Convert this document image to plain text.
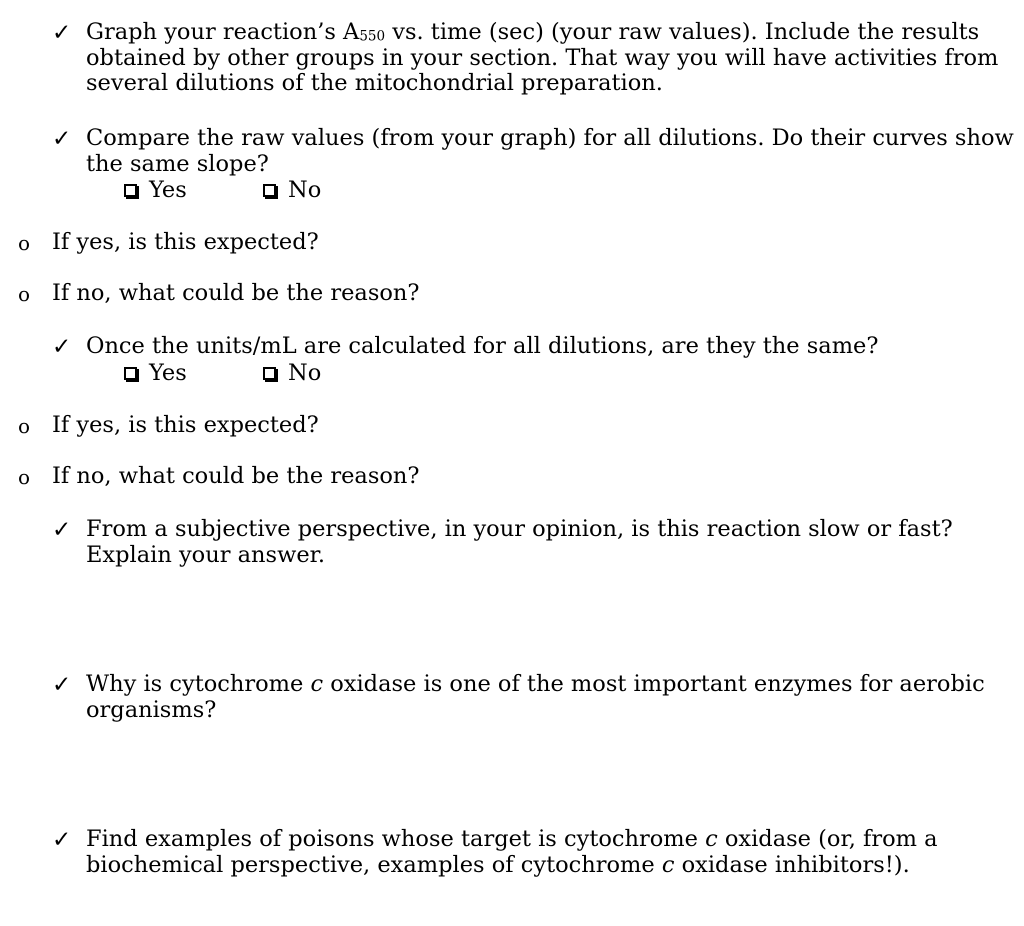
✓ Graph your reaction’s $A_{550}$ vs. time (sec) (your raw values). Include the results obtained by other groups in your section. That way you will have activities from several dilutions of the mitochondrial preparation.
✓ Compare the raw values (from your graph) for all dilutions. Do their curves show the same slope?
Yes	No
o If yes, is this expected?
o If no, what could be the reason?
✓ Once the units/mL are calculated for all dilutions, are they the same?
Yes	No
o If yes, is this expected?
o If no, what could be the reason?
✓ From a subjective perspective, in your opinion, is this reaction slow or fast? Explain your answer.
✓ Why is cytochrome c oxidase is one of the most important enzymes for aerobic organisms?
✓ Find examples of poisons whose target is cytochrome c oxidase (or, from a biochemical perspective, examples of cytochrome c oxidase inhibitors!).
